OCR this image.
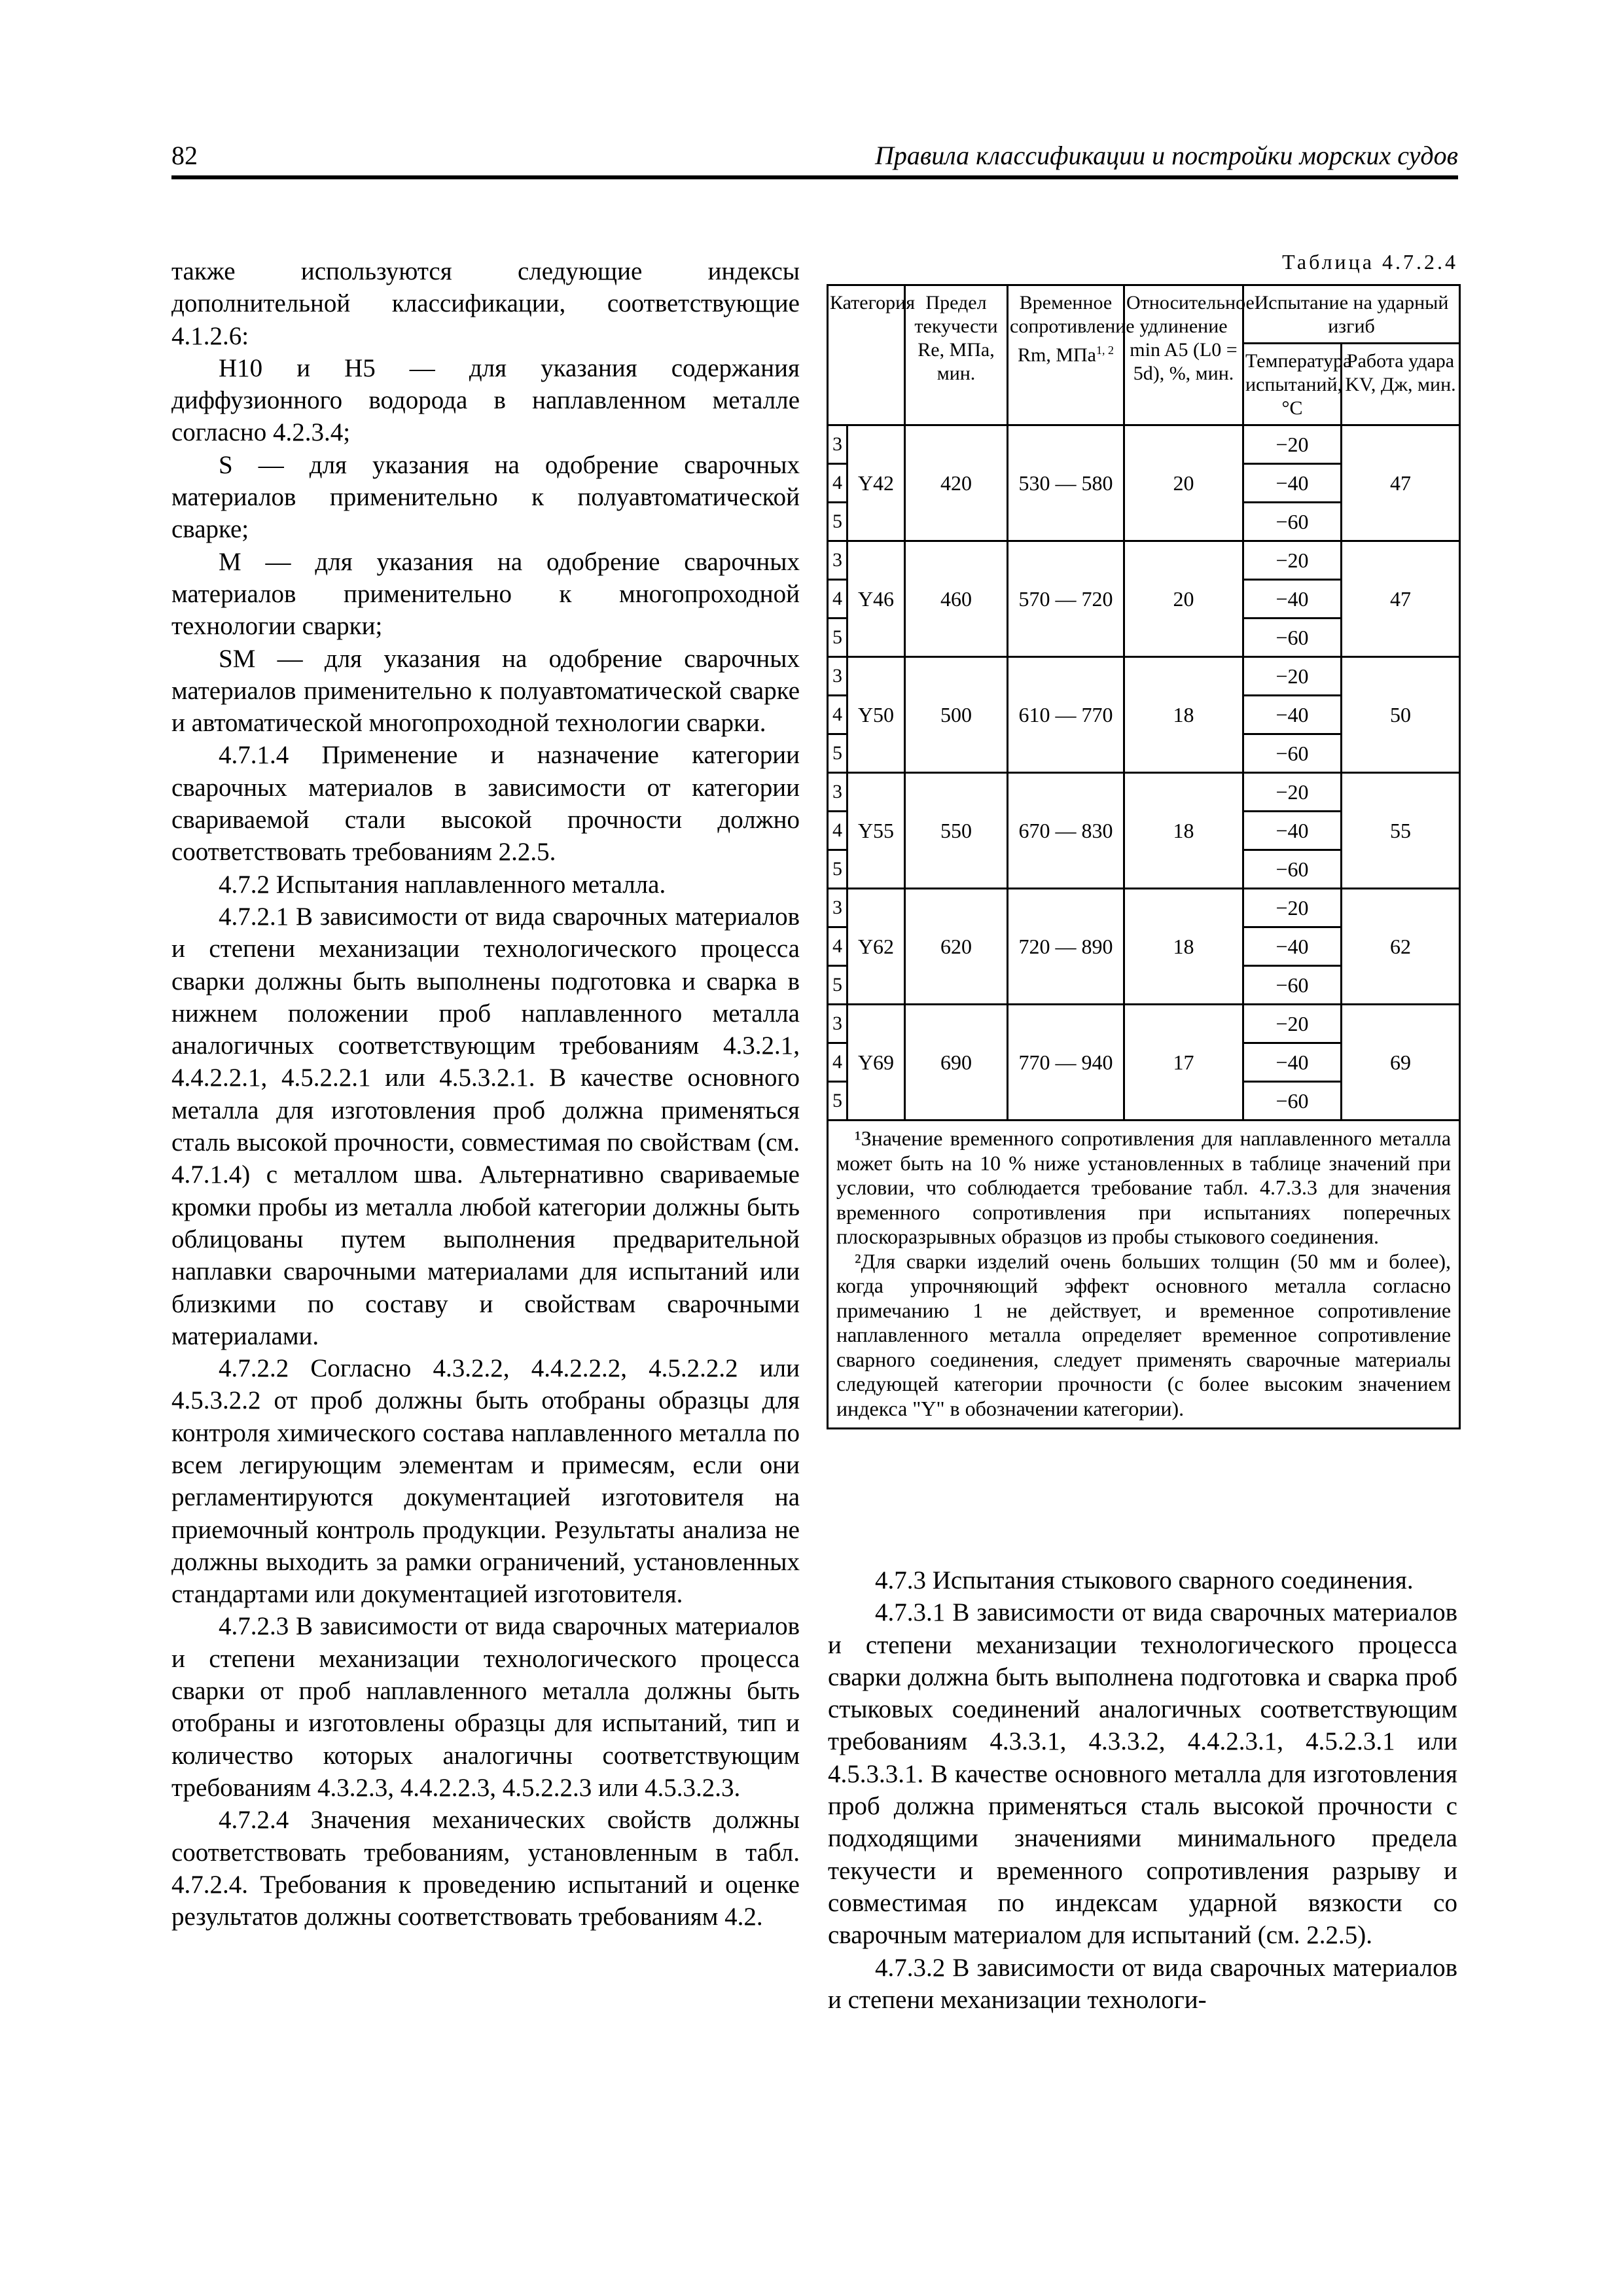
82	Правила классификации и постройки морских судов

также используются следующие индексы дополнительной классификации, соответствующие 4.1.2.6:

H10 и H5 — для указания содержания диффузионного водорода в наплавленном металле согласно 4.2.3.4;

S — для указания на одобрение сварочных материалов применительно к полуавтоматической сварке;

M — для указания на одобрение сварочных материалов применительно к многопроходной технологии сварки;

SM — для указания на одобрение сварочных материалов применительно к полуавтоматической сварке и автоматической многопроходной технологии сварки.

4.7.1.4 Применение и назначение категории сварочных материалов в зависимости от категории свариваемой стали высокой прочности должно соответствовать требованиям 2.2.5.

4.7.2 Испытания наплавленного металла.

4.7.2.1 В зависимости от вида сварочных материалов и степени механизации технологического процесса сварки должны быть выполнены подготовка и сварка в нижнем положении проб наплавленного металла аналогичных соответствующим требованиям 4.3.2.1, 4.4.2.2.1, 4.5.2.2.1 или 4.5.3.2.1. В качестве основного металла для изготовления проб должна применяться сталь высокой прочности, совместимая по свойствам (см. 4.7.1.4) с металлом шва. Альтернативно свариваемые кромки пробы из металла любой категории должны быть облицованы путем выполнения предварительной наплавки сварочными материалами для испытаний или близкими по составу и свойствам сварочными материалами.

4.7.2.2 Согласно 4.3.2.2, 4.4.2.2.2, 4.5.2.2.2 или 4.5.3.2.2 от проб должны быть отобраны образцы для контроля химического состава наплавленного металла по всем легирующим элементам и примесям, если они регламентируются документацией изготовителя на приемочный контроль продукции. Результаты анализа не должны выходить за рамки ограничений, установленных стандартами или документацией изготовителя.

4.7.2.3 В зависимости от вида сварочных материалов и степени механизации технологического процесса сварки от проб наплавленного металла должны быть отобраны и изготовлены образцы для испытаний, тип и количество которых аналогичны соответствующим требованиям 4.3.2.3, 4.4.2.2.3, 4.5.2.2.3 или 4.5.3.2.3.

4.7.2.4 Значения механических свойств должны соответствовать требованиям, установленным в табл. 4.7.2.4. Требования к проведению испытаний и оценке результатов должны соответствовать требованиям 4.2.

Таблица 4.7.2.4
Категория		Предел текучести Re, МПа, мин.	Временное сопротивление Rm, МПа$^{1, 2}$	Относительное удлинение min A5 (L0 = 5d), %, мин.	Испытание на ударный изгиб	
					Температура испытаний, °С	Работа удара KV, Дж, мин.
3	Y42	420	530 — 580	20	−20	47
4					−40	
5					−60	
3	Y46	460	570 — 720	20	−20	47
4					−40	
5					−60	
3	Y50	500	610 — 770	18	−20	50
4					−40	
5					−60	
3	Y55	550	670 — 830	18	−20	55
4					−40	
5					−60	
3	Y62	620	720 — 890	18	−20	62
4					−40	
5					−60	
3	Y69	690	770 — 940	17	−20	69
4					−40	
5					−60	

¹Значение временного сопротивления для наплавленного металла может быть на 10 % ниже установленных в таблице значений при условии, что соблюдается требование табл. 4.7.3.3 для значения временного сопротивления при испытаниях поперечных плоскоразрывных образцов из пробы стыкового соединения.

²Для сварки изделий очень больших толщин (50 мм и более), когда упрочняющий эффект основного металла согласно примечанию 1 не действует, и временное сопротивление наплавленного металла определяет временное сопротивление сварного соединения, следует применять сварочные материалы следующей категории прочности (с более высоким значением индекса "Y" в обозначении категории).						

4.7.3 Испытания стыкового сварного соединения.

4.7.3.1 В зависимости от вида сварочных материалов и степени механизации технологического процесса сварки должна быть выполнена подготовка и сварка проб стыковых соединений аналогичных соответствующим требованиям 4.3.3.1, 4.3.3.2, 4.4.2.3.1, 4.5.2.3.1 или 4.5.3.3.1. В качестве основного металла для изготовления проб должна применяться сталь высокой прочности с подходящими значениями минимального предела текучести и временного сопротивления разрыву и совместимая по индексам ударной вязкости со сварочным материалом для испытаний (см. 2.2.5).

4.7.3.2 В зависимости от вида сварочных материалов и степени механизации технологи-
